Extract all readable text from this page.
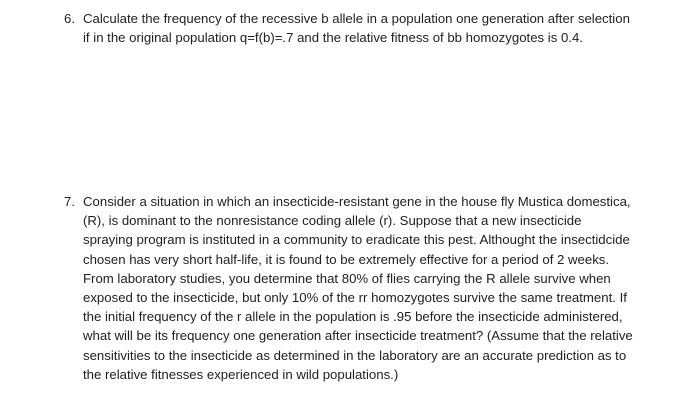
6. Calculate the frequency of the recessive b allele in a population one generation after selection
if in the original population q=f(b)=.7 and the relative fitness of bb homozygotes is 0.4.
7. Consider a situation in which an insecticide-resistant gene in the house fly Mustica domestica,
(R), is dominant to the nonresistance coding allele (r). Suppose that a new insecticide
spraying program is instituted in a community to eradicate this pest. Althought the insectidcide
chosen has very short half-life, it is found to be extremely effective for a period of 2 weeks.
From laboratory studies, you determine that 80% of flies carrying the R allele survive when
exposed to the insecticide, but only 10% of the rr homozygotes survive the same treatment. If
the initial frequency of the r allele in the population is .95 before the insecticide administered,
what will be its frequency one generation after insecticide treatment? (Assume that the relative
sensitivities to the insecticide as determined in the laboratory are an accurate prediction as to
the relative fitnesses experienced in wild populations.)
